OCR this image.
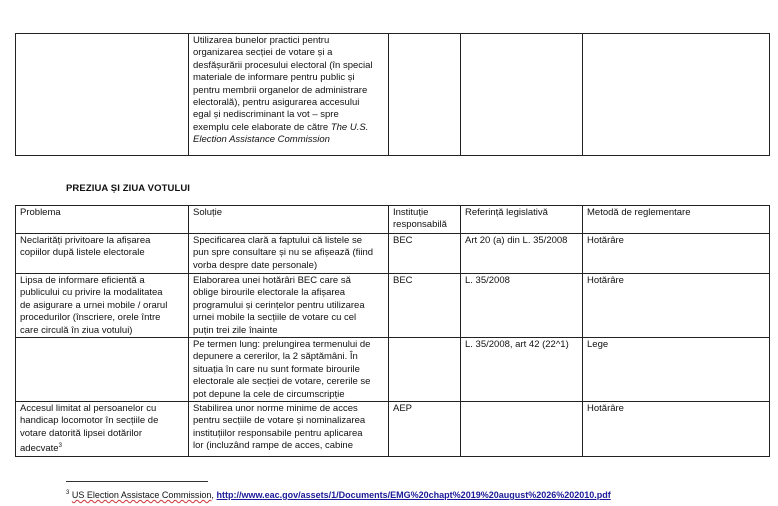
	Utilizarea bunelor practici pentru
organizarea secției de votare și a
desfășurării procesului electoral (în special
materiale de informare pentru public și
pentru membrii organelor de administrare
electorală), pentru asigurarea accesului
egal și nediscriminant la vot – spre
exemplu cele elaborate de către The U.S.
Election Assistance Commission			
PREZIUA ȘI ZIUA VOTULUI
Problema	Soluție	Instituție
responsabilă	Referință legislativă	Metodă de reglementare
Neclarități privitoare la afișarea
copiilor după listele electorale	Specificarea clară a faptului că listele se
pun spre consultare și nu se afișează (fiind
vorba despre date personale)	BEC	Art 20 (a) din L. 35/2008	Hotărâre
Lipsa de informare eficientă a
publicului cu privire la modalitatea
de asigurare a urnei mobile / orarul
procedurilor (înscriere, orele între
care circulă în ziua votului)	Elaborarea unei hotărâri BEC care să
oblige birourile electorale la afișarea
programului și cerințelor pentru utilizarea
urnei mobile la secțiile de votare cu cel
puțin trei zile înainte	BEC	L. 35/2008	Hotărâre
	Pe termen lung: prelungirea termenului de
depunere a cererilor, la 2 săptămâni. În
situația în care nu sunt formate birourile
electorale ale secției de votare, cererile se
pot depune la cele de circumscripție		L. 35/2008, art 42 (22^1)	Lege
Accesul limitat al persoanelor cu
handicap locomotor în secțiile de
votare datorită lipsei dotărilor
adecvate$^3$	Stabilirea unor norme minime de acces
pentru secțiile de votare și nominalizarea
instituțiilor responsabile pentru aplicarea
lor (incluzând rampe de acces, cabine	AEP		Hotărâre
$^3$ US Election Assistace Commission, http://www.eac.gov/assets/1/Documents/EMG%20chapt%2019%20august%2026%202010.pdf
